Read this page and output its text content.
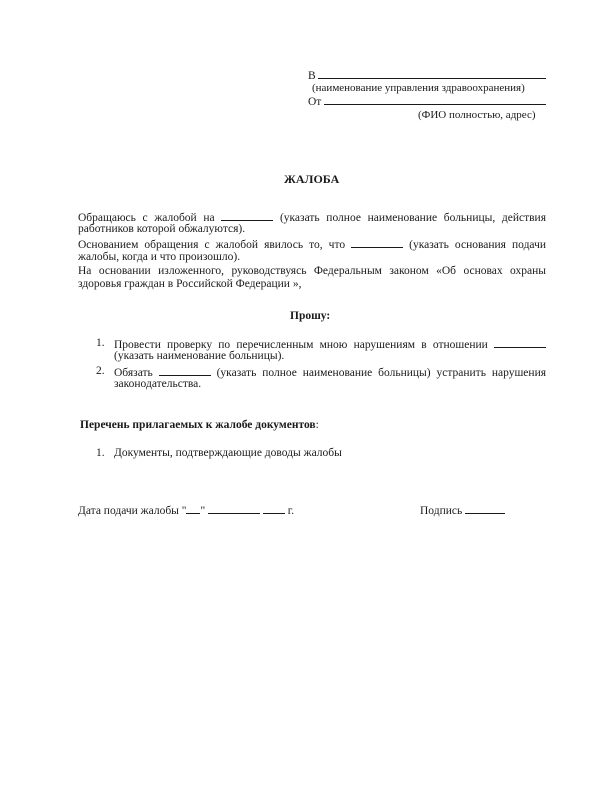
В
(наименование управления здравоохранения)
От
(ФИО полностью, адрес)
ЖАЛОБА
Обращаюсь с жалобой на	(указать полное наименование больницы, действия
работников которой обжалуются).
Основанием обращения с жалобой явилось то, что	(указать основания подачи
жалобы, когда и что произошло).
На основании изложенного, руководствуясь Федеральным законом «Об основах охраны
здоровья граждан в Российской Федерации »,
Прошу:
1. Провести проверку по перечисленным мною нарушениям в отношении
(указать наименование больницы).
2. Обязать	(указать полное наименование больницы) устранить нарушения
законодательства.
Перечень прилагаемых к жалобе документов:
1. Документы, подтверждающие доводы жалобы
Дата подачи жалобы " "	г.	Подпись
